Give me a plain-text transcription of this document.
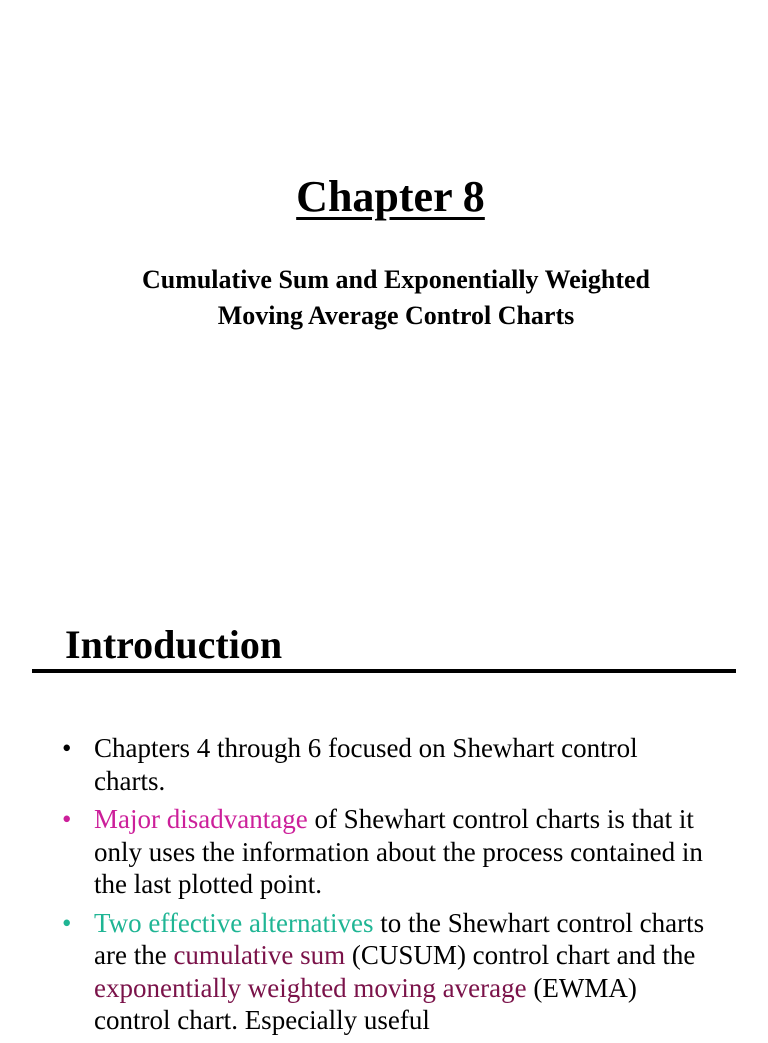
Chapter 8
Cumulative Sum and Exponentially Weighted
Moving Average Control Charts
Introduction
• Chapters 4 through 6 focused on Shewhart control charts.
• Major disadvantage of Shewhart control charts is that it only uses the information about the process contained in the last plotted point.
• Two effective alternatives to the Shewhart control charts are the cumulative sum (CUSUM) control chart and the exponentially weighted moving average (EWMA) control chart. Especially useful
